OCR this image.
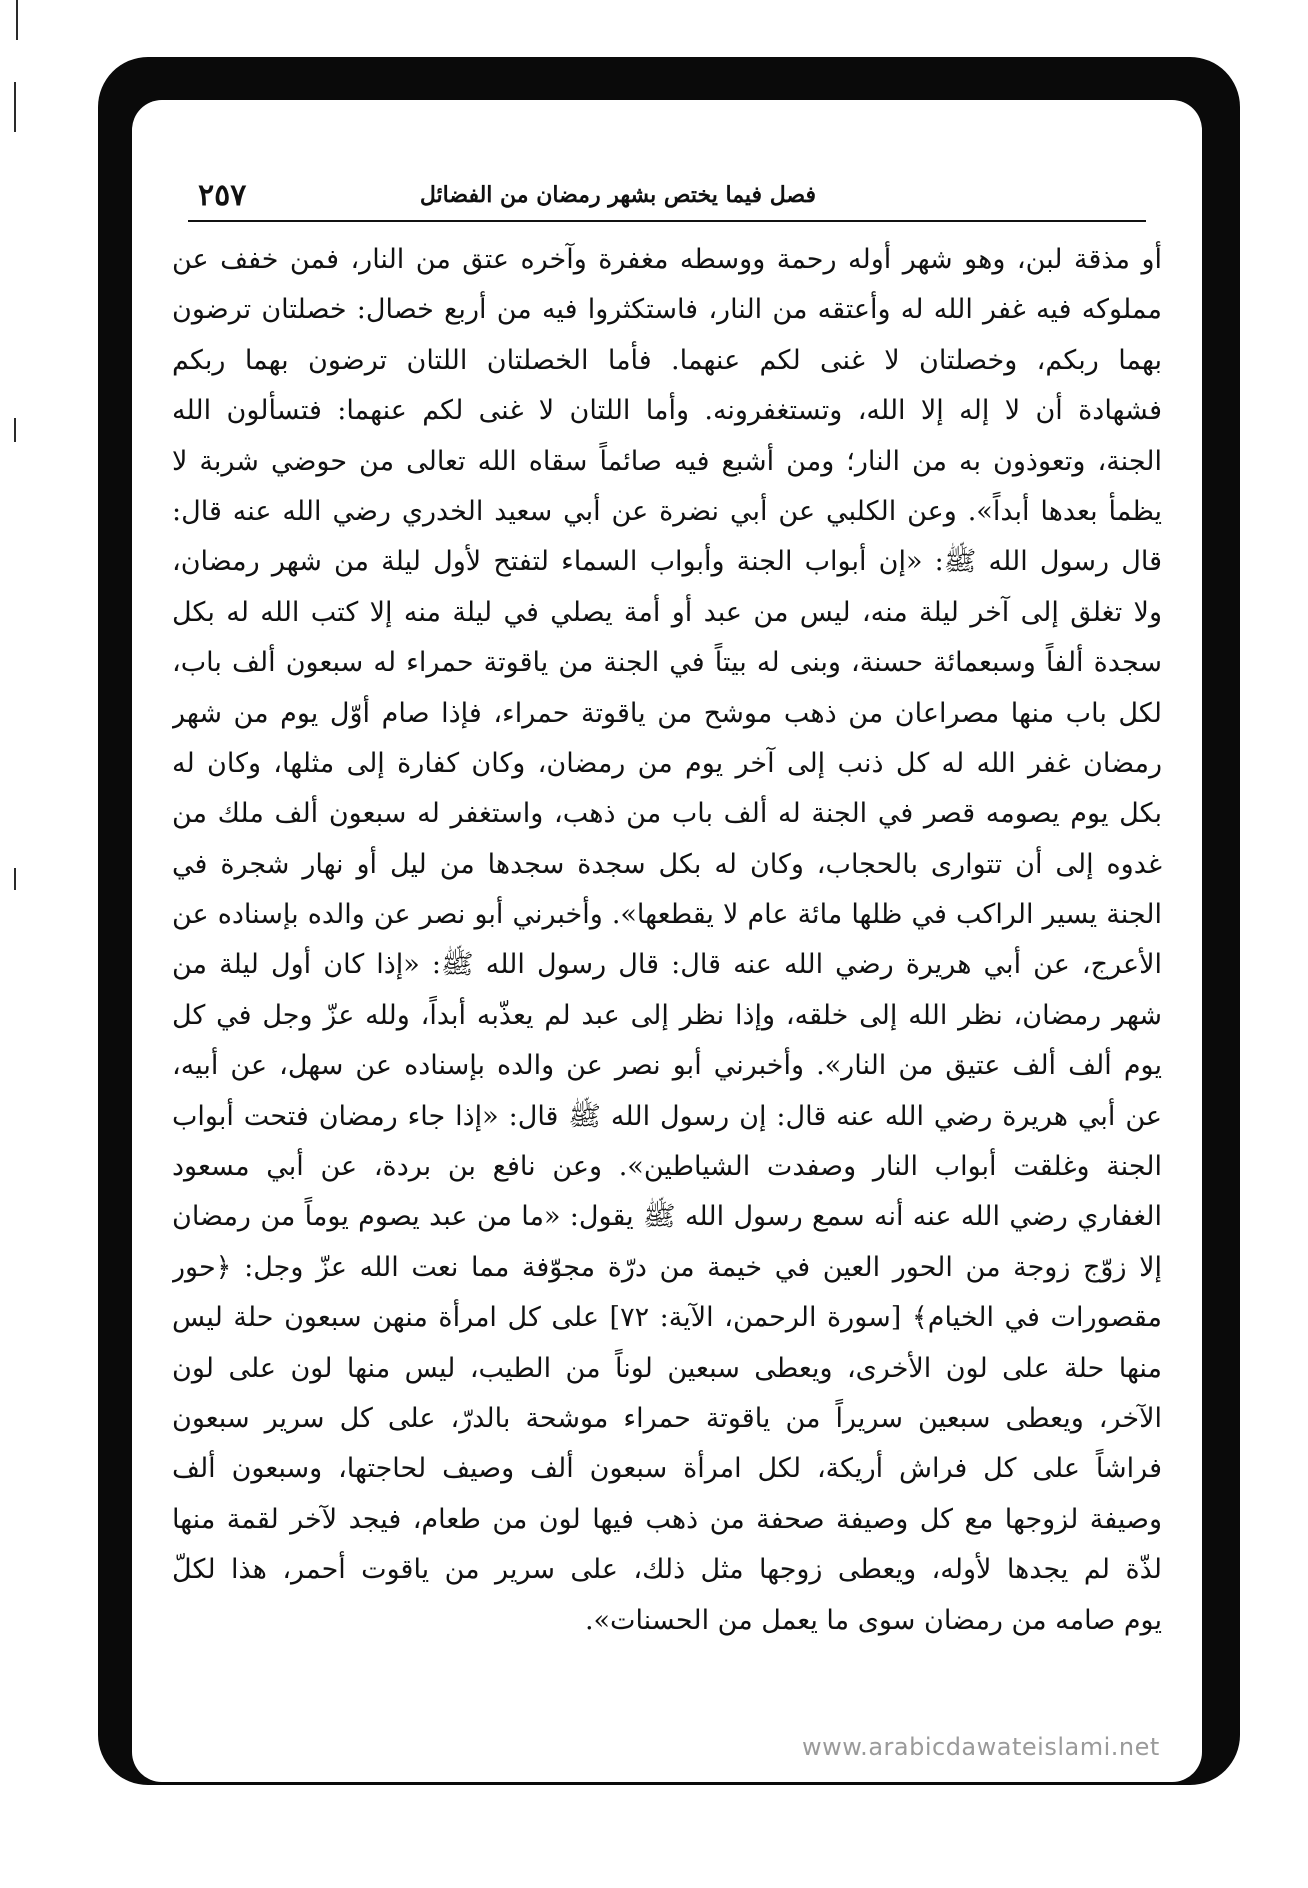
فصل فيما يختص بشهر رمضان من الفضائل
٢٥٧
أو مذقة لبن، وهو شهر أوله رحمة ووسطه مغفرة وآخره عتق من النار، فمن خفف عن
مملوكه فيه غفر الله له وأعتقه من النار، فاستكثروا فيه من أربع خصال: خصلتان ترضون
بهما ربكم، وخصلتان لا غنى لكم عنهما. فأما الخصلتان اللتان ترضون بهما ربكم
فشهادة أن لا إله إلا الله، وتستغفرونه. وأما اللتان لا غنى لكم عنهما: فتسألون الله
الجنة، وتعوذون به من النار؛ ومن أشبع فيه صائماً سقاه الله تعالى من حوضي شربة لا
يظمأ بعدها أبداً». وعن الكلبي عن أبي نضرة عن أبي سعيد الخدري رضي الله عنه قال:
قال رسول الله ﷺ: «إن أبواب الجنة وأبواب السماء لتفتح لأول ليلة من شهر رمضان،
ولا تغلق إلى آخر ليلة منه، ليس من عبد أو أمة يصلي في ليلة منه إلا كتب الله له بكل
سجدة ألفاً وسبعمائة حسنة، وبنى له بيتاً في الجنة من ياقوتة حمراء له سبعون ألف باب،
لكل باب منها مصراعان من ذهب موشح من ياقوتة حمراء، فإذا صام أوّل يوم من شهر
رمضان غفر الله له كل ذنب إلى آخر يوم من رمضان، وكان كفارة إلى مثلها، وكان له
بكل يوم يصومه قصر في الجنة له ألف باب من ذهب، واستغفر له سبعون ألف ملك من
غدوه إلى أن تتوارى بالحجاب، وكان له بكل سجدة سجدها من ليل أو نهار شجرة في
الجنة يسير الراكب في ظلها مائة عام لا يقطعها». وأخبرني أبو نصر عن والده بإسناده عن
الأعرج، عن أبي هريرة رضي الله عنه قال: قال رسول الله ﷺ: «إذا كان أول ليلة من
شهر رمضان، نظر الله إلى خلقه، وإذا نظر إلى عبد لم يعذّبه أبداً، ولله عزّ وجل في كل
يوم ألف ألف عتيق من النار». وأخبرني أبو نصر عن والده بإسناده عن سهل، عن أبيه،
عن أبي هريرة رضي الله عنه قال: إن رسول الله ﷺ قال: «إذا جاء رمضان فتحت أبواب
الجنة وغلقت أبواب النار وصفدت الشياطين». وعن نافع بن بردة، عن أبي مسعود
الغفاري رضي الله عنه أنه سمع رسول الله ﷺ يقول: «ما من عبد يصوم يوماً من رمضان
إلا زوّج زوجة من الحور العين في خيمة من درّة مجوّفة مما نعت الله عزّ وجل: ﴿حور
مقصورات في الخيام﴾ [سورة الرحمن، الآية: ٧٢] على كل امرأة منهن سبعون حلة ليس
منها حلة على لون الأخرى، ويعطى سبعين لوناً من الطيب، ليس منها لون على لون
الآخر، ويعطى سبعين سريراً من ياقوتة حمراء موشحة بالدرّ، على كل سرير سبعون
فراشاً على كل فراش أريكة، لكل امرأة سبعون ألف وصيف لحاجتها، وسبعون ألف
وصيفة لزوجها مع كل وصيفة صحفة من ذهب فيها لون من طعام، فيجد لآخر لقمة منها
لذّة لم يجدها لأوله، ويعطى زوجها مثل ذلك، على سرير من ياقوت أحمر، هذا لكلّ
يوم صامه من رمضان سوى ما يعمل من الحسنات».
www.arabicdawateislami.net
